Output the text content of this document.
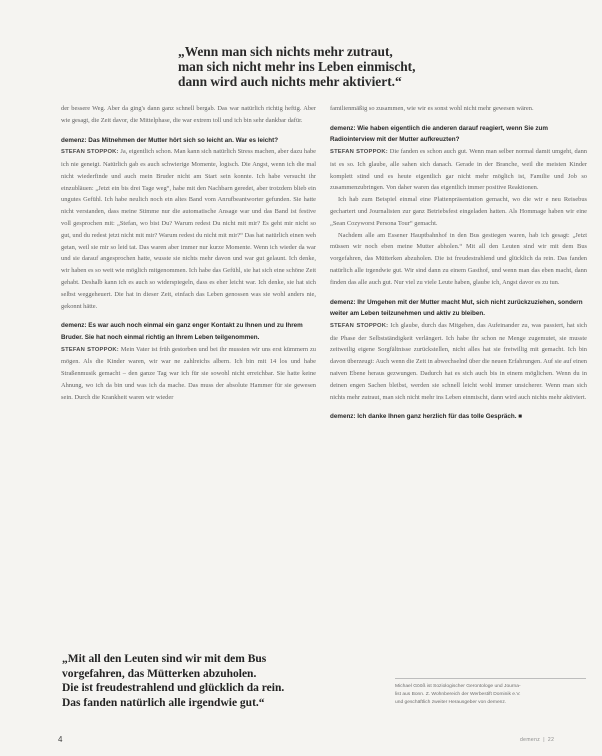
„Wenn man sich nichts mehr zutraut,

man sich nicht mehr ins Leben einmischt,

dann wird auch nichts mehr aktiviert.“

der bessere Weg. Aber da ging's dann ganz schnell bergab. Das war natürlich richtig heftig. Aber wie gesagt, die Zeit davor, die Mittelphase, die war extrem toll und ich bin sehr dankbar dafür.

demenz: Das Mitnehmen der Mutter hört sich so leicht an. War es leicht?

STEFAN STOPPOK: Ja, eigentlich schon. Man kann sich natürlich Stress machen, aber dazu habe ich nie geneigt. Natürlich gab es auch schwierige Momente, logisch. Die Angst, wenn ich die mal nicht wiederfinde und auch mein Bruder nicht am Start sein konnte. Ich habe versucht ihr einzubläuen: „Jetzt ein bis drei Tage weg“, habe mit den Nachbarn geredet, aber trotzdem blieb ein ungutes Gefühl. Ich habe neulich noch ein altes Band vom Anrufbeantworter gefunden. Sie hatte nicht verstanden, dass meine Stimme nur die automatische Ansage war und das Band ist festive voll gesprochen mit: „Stefan, wo bist Du? Warum redest Du nicht mit mir? Es geht mir nicht so gut, und du redest jetzt nicht mit mir? Warum redest du nicht mit mir?“ Das hat natürlich einen weh getan, weil sie mir so leid tat. Das waren aber immer nur kurze Momente. Wenn ich wieder da war und sie darauf angesprochen hatte, wusste sie nichts mehr davon und war gut gelaunt. Ich denke, wir haben es so weit wie möglich mitgenommen. Ich habe das Gefühl, sie hat sich eine schöne Zeit gehabt. Deshalb kann ich es auch so widerspiegeln, dass es eher leicht war. Ich denke, sie hat sich selbst weggeheuert. Die hat in dieser Zeit, einfach das Leben genossen was sie wohl anders nie, gekonnt hätte.

demenz: Es war auch noch einmal ein ganz enger Kontakt zu Ihnen und zu Ihrem Bruder. Sie hat noch einmal richtig an Ihrem Leben teilgenommen.

STEFAN STOPPOK: Mein Vater ist früh gestorben und bei ihr mussten wir uns erst kümmern zu mögen. Als die Kinder waren, wir war ne zahlreichs albern. Ich bin mit 14 los und habe Straßenmusik gemacht – den ganze Tag war ich für sie sowohl nicht erreichbar. Sie hatte keine Ahnung, wo ich da bin und was ich da mache. Das muss der absolute Hammer für sie gewesen sein. Durch die Krankheit waren wir wieder

familienmäßig so zusammen, wie wir es sonst wohl nicht mehr gewesen wären.

demenz: Wie haben eigentlich die anderen darauf reagiert, wenn Sie zum Radiointerview mit der Mutter aufkreuzten?

STEFAN STOPPOK: Die fanden es schon auch gut. Wenn man selber normal damit umgeht, dann ist es so. Ich glaube, alle sahen sich danach. Gerade in der Branche, weil die meisten Kinder komplett stind und es heute eigentlich gar nicht mehr möglich ist, Familie und Job so zusammenzubringen. Von daher waren das eigentlich immer positive Reaktionen.

Ich hab zum Beispiel einmal eine Plattenpräsentation gemacht, wo die wir e neu Reisebus gechartert und Journalisten zur ganz Betriebsfest eingeladen hatten. Als Hommage haben wir eine „Sean Cozyworst Persona Tour“ gemacht.

Nachdem alle am Essener Hauptbahnhof in den Bus gestiegen waren, hab ich gesagt: „Jetzt müssen wir noch eben meine Mutter abholen.“ Mit all den Leuten sind wir mit dem Bus vorgefahren, das Mütterken abzuholen. Die ist freudestrahlend und glücklich da rein. Das fanden natürlich alle irgendwie gut. Wir sind dann zu einem Gasthof, und wenn man das eben macht, dann finden das alle auch gut. Nur viel zu viele Leute haben, glaube ich, Angst davor es zu tun.

demenz: Ihr Umgehen mit der Mutter macht Mut, sich nicht zurückzuziehen, sondern weiter am Leben teilzunehmen und aktiv zu bleiben.

STEFAN STOPPOK: Ich glaube, durch das Mitgehen, das Aufeinander zu, was passiert, hat sich die Phase der Selbstständigkeit verlängert. Ich habe ihr schon ne Menge zugemutet, sie musste zeitweilig eigene Sorgfältnisse zurückstellen, nicht alles hat sie freiwillig mit gemacht. Ich bin davon überzeugt: Auch wenn die Zeit in abwechselnd über die neuen Erfahrungen. Auf sie auf einen naiven Ebene heraus gezwungen. Dadurch hat es sich auch bis in einem möglichen. Wenn du in deinen engen Sachen bleibst, werden sie schnell leicht wohl immer unsicherer. Wenn man sich nichts mehr zutraut, man sich nicht mehr ins Leben einmischt, dann wird auch nichts mehr aktiviert.

demenz: Ich danke Ihnen ganz herzlich für das tolle Gespräch. ■

„Mit all den Leuten sind wir mit dem Bus

vorgefahren, das Mütterken abzuholen.

Die ist freudestrahlend und glücklich da rein.

Das fanden natürlich alle irgendwie gut.“

Michael Gööß ist Soziologischer Gerontologe und Journa-

list aus Bonn. Z. Wohnbereich der Werbestift Dominik e.V.

und geschäftlich zweiter Herausgeber von demenz.

4	demenz | 22
